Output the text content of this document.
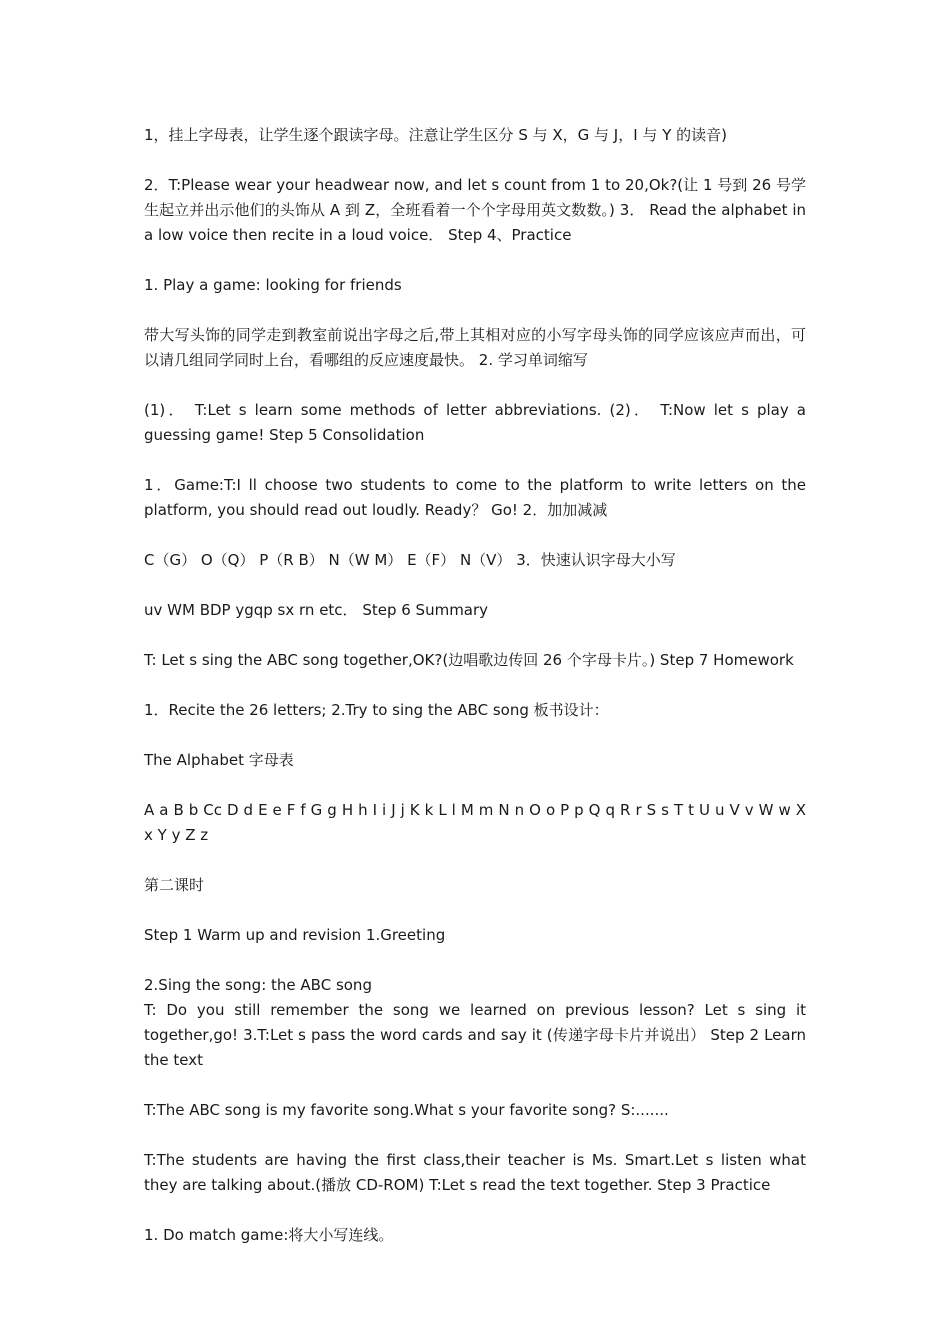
1，挂上字母表，让学生逐个跟读字母。注意让学生区分 S 与 X，G 与 J，I 与 Y 的读音)

2．T:Please wear your headwear now, and let s count from 1 to 20,Ok?(让 1 号到 26 号学生起立并出示他们的头饰从 A 到 Z，全班看着一个个字母用英文数数。) 3． Read the alphabet in a low voice then recite in a loud voice． Step 4、Practice

1. Play a game: looking for friends

带大写头饰的同学走到教室前说出字母之后,带上其相对应的小写字母头饰的同学应该应声而出，可以请几组同学同时上台，看哪组的反应速度最快。 2. 学习单词缩写

(1)． T:Let s learn some methods of letter abbreviations. (2)． T:Now let s play a guessing game! Step 5 Consolidation

1．Game:T:I ll choose two students to come to the platform to write letters on the platform, you should read out loudly. Ready？ Go! 2．加加减减

C（G） O（Q） P（R B） N（W M） E（F） N（V） 3．快速认识字母大小写

uv WM BDP ygqp sx rn etc． Step 6 Summary

T: Let s sing the ABC song together,OK?(边唱歌边传回 26 个字母卡片。) Step 7 Homework

1．Recite the 26 letters; 2.Try to sing the ABC song 板书设计：

The Alphabet 字母表

A a B b Cc D d E e F f G g H h I i J j K k L l M m N n O o P p Q q R r S s T t U u V v W w X x Y y Z z

第二课时

Step 1 Warm up and revision 1.Greeting

2.Sing the song: the ABC song

T: Do you still remember the song we learned on previous lesson? Let s sing it together,go! 3.T:Let s pass the word cards and say it (传递字母卡片并说出） Step 2 Learn the text

T:The ABC song is my favorite song.What s your favorite song? S:.......

T:The students are having the first class,their teacher is Ms. Smart.Let s listen what they are talking about.(播放 CD-ROM) T:Let s read the text together. Step 3 Practice

1. Do match game:将大小写连线。
